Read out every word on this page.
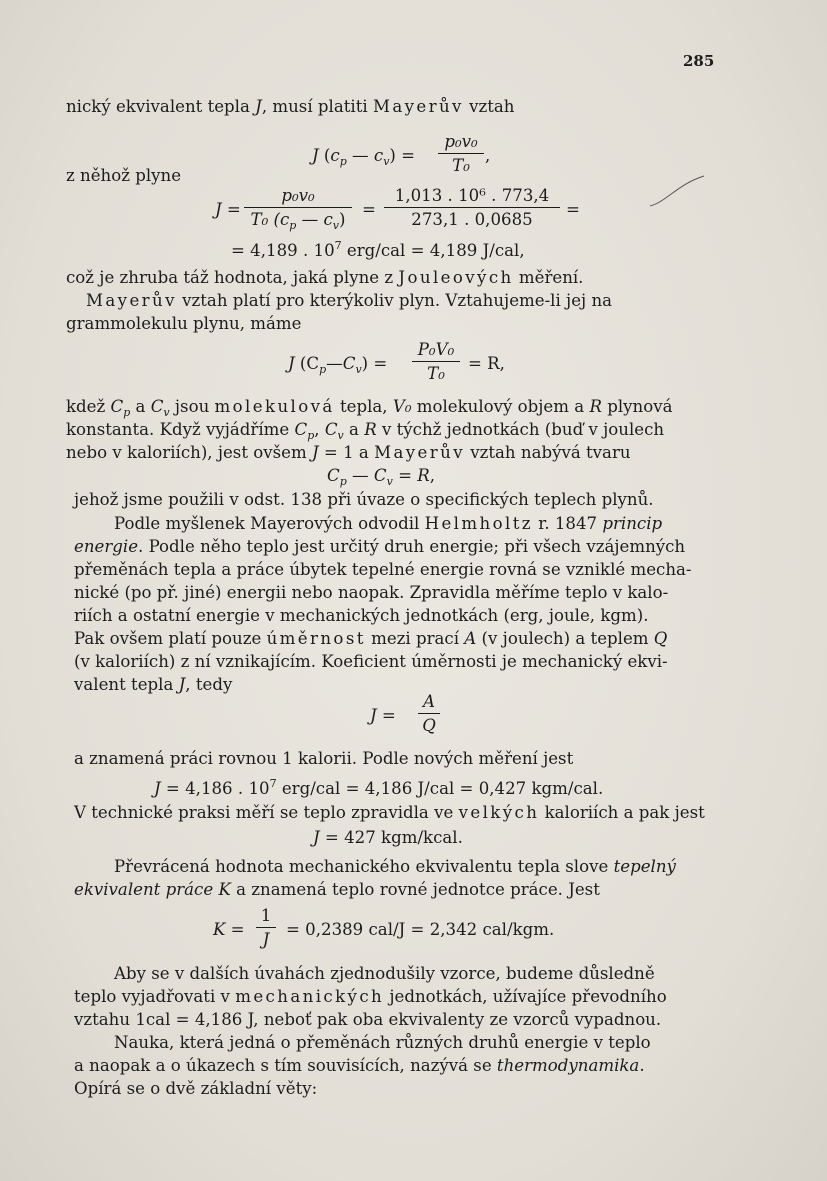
285
nický ekvivalent tepla J, musí platiti Mayerův vztah
J ($c_p$ — $c_v$) =
p₀v₀
T₀
,
z něhož plyne
J =
p₀v₀
T₀ ($c_p$ — $c_v$)
=
1,013 . 10⁶ . 773,4
273,1 . 0,0685
=
= 4,189 . $10^7$ erg/cal = 4,189 J/cal,
což je zhruba táž hodnota, jaká plyne z Jouleových měření.
Mayerův vztah platí pro kterýkoliv plyn. Vztahujeme-li jej na
grammolekulu plynu, máme
J $(C_p—C_v)$ =
P₀V₀
T₀
= R,
kdež $C_p$ a $C_v$ jsou molekulová tepla, V₀ molekulový objem a R plynová
konstanta. Když vyjádříme $C_p$, $C_v$ a R v týchž jednotkách (buď v joulech
nebo v kaloriích), jest ovšem J = 1 a Mayerův vztah nabývá tvaru
$C_p$ — $C_v = R$,
jehož jsme použili v odst. 138 při úvaze o specifických teplech plynů.
Podle myšlenek Mayerových odvodil Helmholtz r. 1847 princip
energie. Podle něho teplo jest určitý druh energie; při všech vzájemných
přeměnách tepla a práce úbytek tepelné energie rovná se vzniklé mecha-
nické (po př. jiné) energii nebo naopak. Zpravidla měříme teplo v kalo-
riích a ostatní energie v mechanických jednotkách (erg, joule, kgm).
Pak ovšem platí pouze úměrnost mezi prací A (v joulech) a teplem Q
(v kaloriích) z ní vznikajícím. Koeficient úměrnosti je mechanický ekvi-
valent tepla J, tedy
J =
A
Q
a znamená práci rovnou 1 kalorii. Podle nových měření jest
J = 4,186 . $10^7$ erg/cal = 4,186 J/cal = 0,427 kgm/cal.
V technické praksi měří se teplo zpravidla ve velkých kaloriích a pak jest
J = 427 kgm/kcal.
Převrácená hodnota mechanického ekvivalentu tepla slove tepelný
ekvivalent práce K a znamená teplo rovné jednotce práce. Jest
K =
1
J
= 0,2389 cal/J = 2,342 cal/kgm.
Aby se v dalších úvahách zjednodušily vzorce, budeme důsledně
teplo vyjadřovati v mechanických jednotkách, užívajíce převodního
vztahu 1cal = 4,186 J, neboť pak oba ekvivalenty ze vzorců vypadnou.
Nauka, která jedná o přeměnách různých druhů energie v teplo
a naopak a o úkazech s tím souvisících, nazývá se thermodynamika.
Opírá se o dvě základní věty:
